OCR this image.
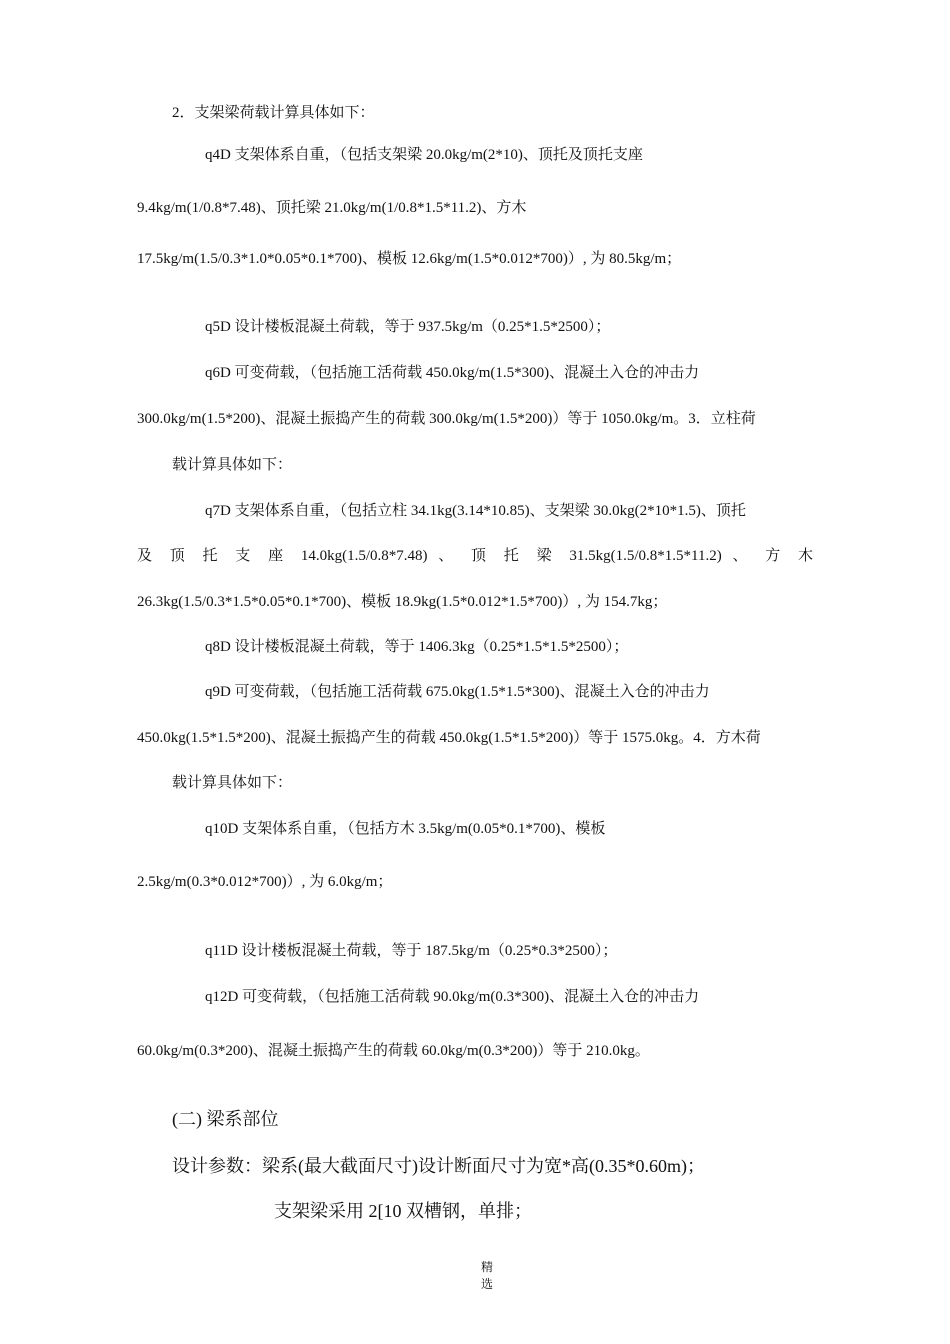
2．支架梁荷载计算具体如下：
q4D 支架体系自重，（包括支架梁 20.0kg/m(2*10)、顶托及顶托支座
9.4kg/m(1/0.8*7.48)、顶托梁 21.0kg/m(1/0.8*1.5*11.2)、方木
17.5kg/m(1.5/0.3*1.0*0.05*0.1*700)、模板 12.6kg/m(1.5*0.012*700)）, 为 80.5kg/m；
q5D 设计楼板混凝土荷载，等于 937.5kg/m（0.25*1.5*2500）；
q6D 可变荷载，（包括施工活荷载 450.0kg/m(1.5*300)、混凝土入仓的冲击力
300.0kg/m(1.5*200)、混凝土振捣产生的荷载 300.0kg/m(1.5*200)）等于 1050.0kg/m。3．立柱荷
载计算具体如下：
q7D 支架体系自重，（包括立柱 34.1kg(3.14*10.85)、支架梁 30.0kg(2*10*1.5)、顶托
及 顶 托 支 座 14.0kg(1.5/0.8*7.48) 、 顶 托 梁 31.5kg(1.5/0.8*1.5*11.2) 、 方 木
26.3kg(1.5/0.3*1.5*0.05*0.1*700)、模板 18.9kg(1.5*0.012*1.5*700)）, 为 154.7kg；
q8D 设计楼板混凝土荷载，等于 1406.3kg（0.25*1.5*1.5*2500）；
q9D 可变荷载，（包括施工活荷载 675.0kg(1.5*1.5*300)、混凝土入仓的冲击力
450.0kg(1.5*1.5*200)、混凝土振捣产生的荷载 450.0kg(1.5*1.5*200)）等于 1575.0kg。4．方木荷
载计算具体如下：
q10D 支架体系自重，（包括方木 3.5kg/m(0.05*0.1*700)、模板
2.5kg/m(0.3*0.012*700)）, 为 6.0kg/m；
q11D 设计楼板混凝土荷载，等于 187.5kg/m（0.25*0.3*2500）；
q12D 可变荷载，（包括施工活荷载 90.0kg/m(0.3*300)、混凝土入仓的冲击力
60.0kg/m(0.3*200)、混凝土振捣产生的荷载 60.0kg/m(0.3*200)）等于 210.0kg。
(二) 梁系部位
设计参数：梁系(最大截面尺寸)设计断面尺寸为宽*高(0.35*0.60m)；
支架梁采用 2[10 双槽钢，单排；
精
选
